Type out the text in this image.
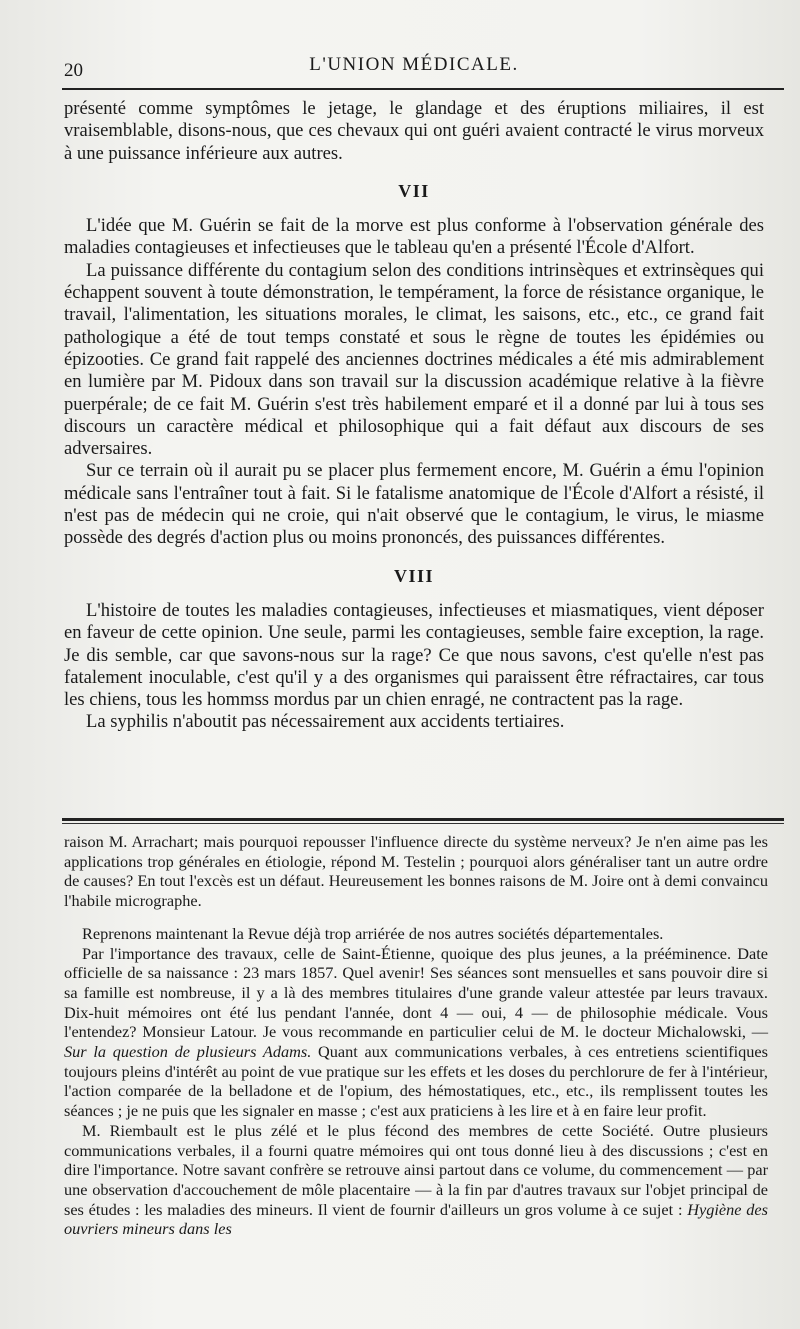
20	L'UNION MÉDICALE.

présenté comme symptômes le jetage, le glandage et des éruptions miliaires, il est vraisemblable, disons-nous, que ces chevaux qui ont guéri avaient contracté le virus morveux à une puissance inférieure aux autres.

VII

L'idée que M. Guérin se fait de la morve est plus conforme à l'observation générale des maladies contagieuses et infectieuses que le tableau qu'en a présenté l'École d'Alfort.

La puissance différente du contagium selon des conditions intrinsèques et extrinsèques qui échappent souvent à toute démonstration, le tempérament, la force de résistance organique, le travail, l'alimentation, les situations morales, le climat, les saisons, etc., etc., ce grand fait pathologique a été de tout temps constaté et sous le règne de toutes les épidémies ou épizooties. Ce grand fait rappelé des anciennes doctrines médicales a été mis admirablement en lumière par M. Pidoux dans son travail sur la discussion académique relative à la fièvre puerpérale; de ce fait M. Guérin s'est très habilement emparé et il a donné par lui à tous ses discours un caractère médical et philosophique qui a fait défaut aux discours de ses adversaires.

Sur ce terrain où il aurait pu se placer plus fermement encore, M. Guérin a ému l'opinion médicale sans l'entraîner tout à fait. Si le fatalisme anatomique de l'École d'Alfort a résisté, il n'est pas de médecin qui ne croie, qui n'ait observé que le contagium, le virus, le miasme possède des degrés d'action plus ou moins prononcés, des puissances différentes.

VIII

L'histoire de toutes les maladies contagieuses, infectieuses et miasmatiques, vient déposer en faveur de cette opinion. Une seule, parmi les contagieuses, semble faire exception, la rage. Je dis semble, car que savons-nous sur la rage? Ce que nous savons, c'est qu'elle n'est pas fatalement inoculable, c'est qu'il y a des organismes qui paraissent être réfractaires, car tous les chiens, tous les hommss mordus par un chien enragé, ne contractent pas la rage.

La syphilis n'aboutit pas nécessairement aux accidents tertiaires.

raison M. Arrachart; mais pourquoi repousser l'influence directe du système nerveux? Je n'en aime pas les applications trop générales en étiologie, répond M. Testelin ; pourquoi alors généraliser tant un autre ordre de causes? En tout l'excès est un défaut. Heureusement les bonnes raisons de M. Joire ont à demi convaincu l'habile micrographe.

Reprenons maintenant la Revue déjà trop arriérée de nos autres sociétés départementales.

Par l'importance des travaux, celle de Saint-Étienne, quoique des plus jeunes, a la prééminence. Date officielle de sa naissance : 23 mars 1857. Quel avenir! Ses séances sont mensuelles et sans pouvoir dire si sa famille est nombreuse, il y a là des membres titulaires d'une grande valeur attestée par leurs travaux. Dix-huit mémoires ont été lus pendant l'année, dont 4 — oui, 4 — de philosophie médicale. Vous l'entendez? Monsieur Latour. Je vous recommande en particulier celui de M. le docteur Michalowski, — Sur la question de plusieurs Adams. Quant aux communications verbales, à ces entretiens scientifiques toujours pleins d'intérêt au point de vue pratique sur les effets et les doses du perchlorure de fer à l'intérieur, l'action comparée de la belladone et de l'opium, des hémostatiques, etc., etc., ils remplissent toutes les séances ; je ne puis que les signaler en masse ; c'est aux praticiens à les lire et à en faire leur profit.

M. Riembault est le plus zélé et le plus fécond des membres de cette Société. Outre plusieurs communications verbales, il a fourni quatre mémoires qui ont tous donné lieu à des discussions ; c'est en dire l'importance. Notre savant confrère se retrouve ainsi partout dans ce volume, du commencement — par une observation d'accouchement de môle placentaire — à la fin par d'autres travaux sur l'objet principal de ses études : les maladies des mineurs. Il vient de fournir d'ailleurs un gros volume à ce sujet : Hygiène des ouvriers mineurs dans les
